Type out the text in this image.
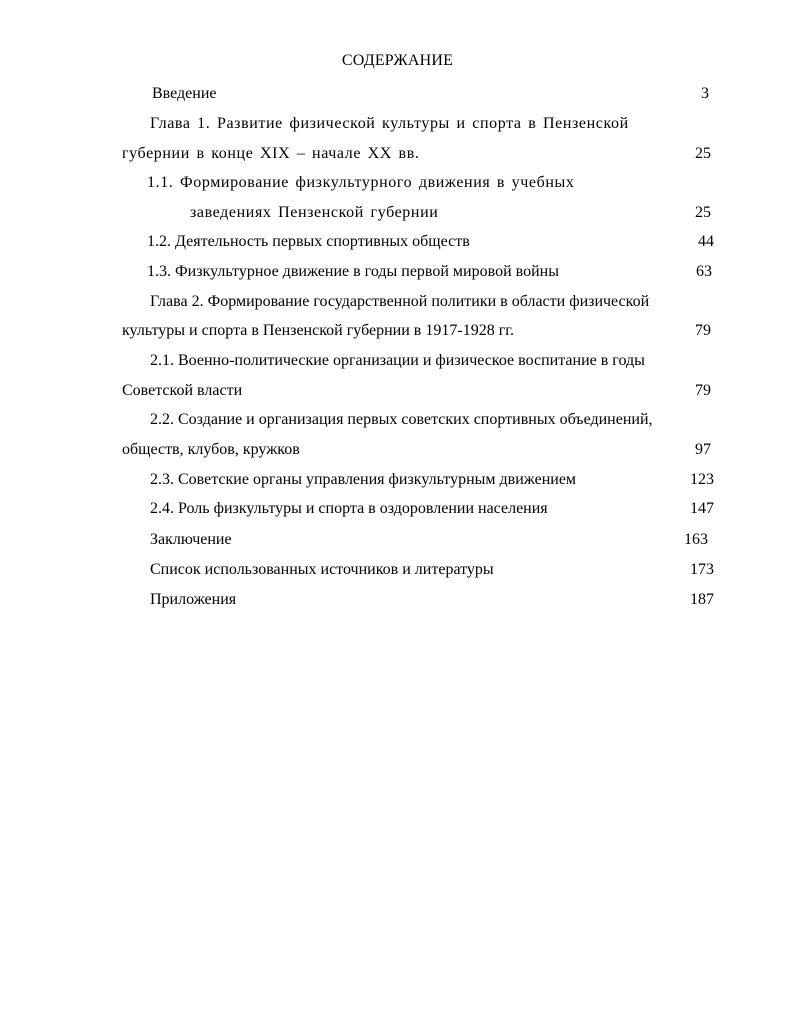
СОДЕРЖАНИЕ
Введение	3
Глава 1. Развитие физической культуры и спорта в Пензенской
губернии в конце XIX – начале XX вв.	25
1.1. Формирование физкультурного движения в учебных
заведениях Пензенской губернии	25
1.2. Деятельность первых спортивных обществ	44
1.3. Физкультурное движение в годы первой мировой войны	63
Глава 2. Формирование государственной политики в области физической
культуры и спорта в Пензенской губернии в 1917-1928 гг.	79
2.1. Военно-политические организации и физическое воспитание в годы
Советской власти	79
2.2. Создание и организация первых советских спортивных объединений,
обществ, клубов, кружков	97
2.3. Советские органы управления физкультурным движением	123
2.4. Роль физкультуры и спорта в оздоровлении населения	147
Заключение	163
Список использованных источников и литературы	173
Приложения	187
